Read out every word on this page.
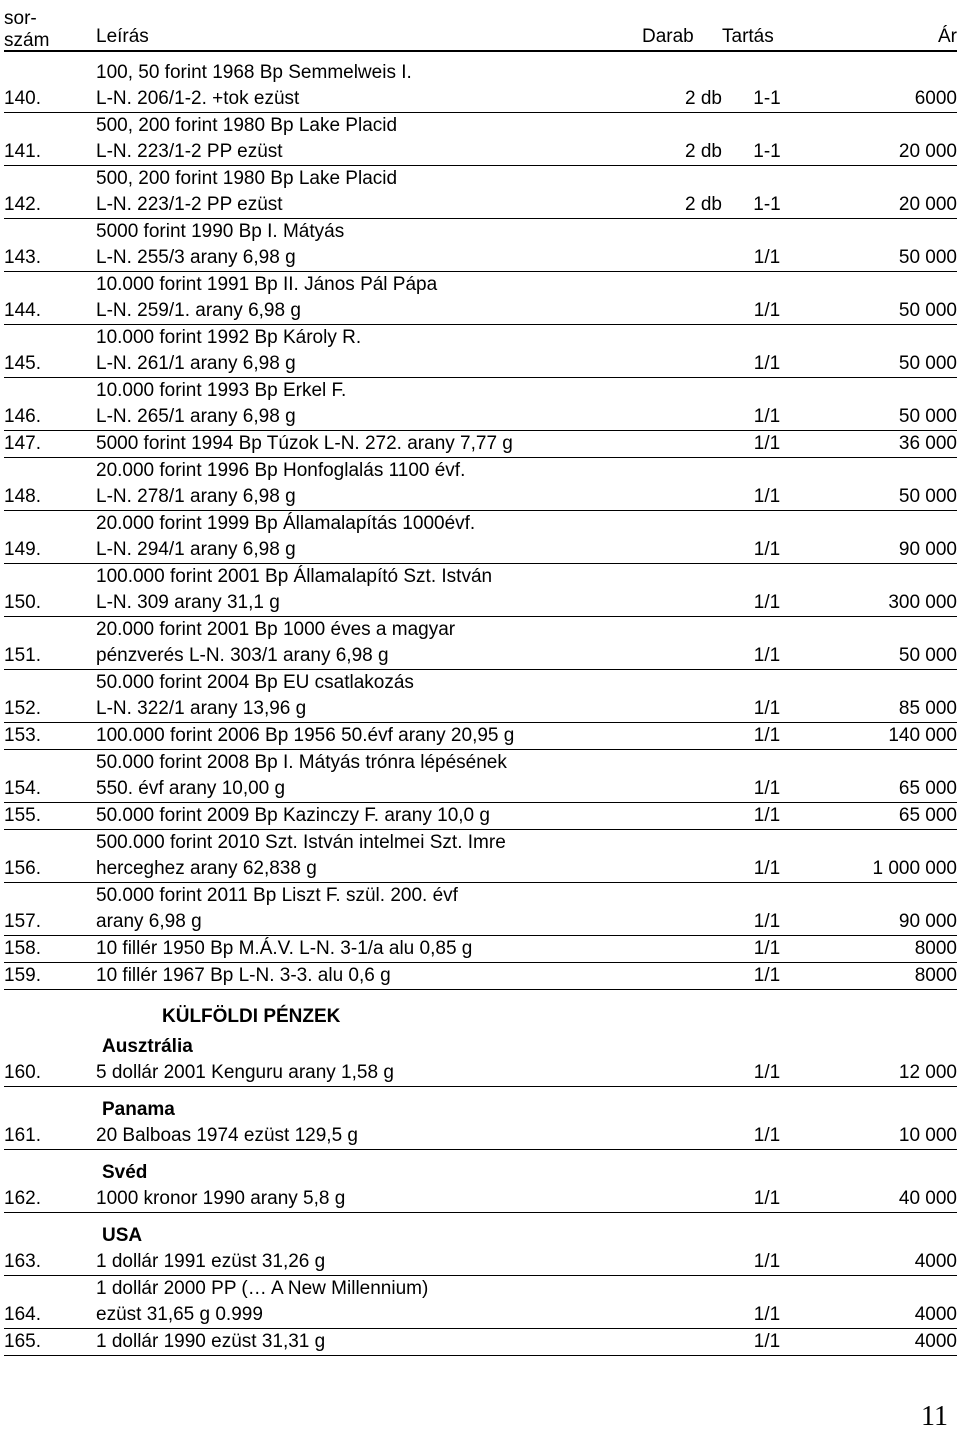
sor-
szám	Leírás	Darab	Tartás	Ár

140.	100, 50 forint 1968 Bp Semmelweis I.
L-N. 206/1-2. +tok ezüst	2 db	1-1	6000
141.	500, 200 forint 1980 Bp Lake Placid
L-N. 223/1-2 PP ezüst	2 db	1-1	20 000
142.	500, 200 forint 1980 Bp Lake Placid
L-N. 223/1-2 PP ezüst	2 db	1-1	20 000
143.	5000 forint 1990 Bp I. Mátyás
L-N. 255/3 arany 6,98 g		1/1	50 000
144.	10.000 forint 1991 Bp II. János Pál Pápa
L-N. 259/1. arany 6,98 g		1/1	50 000
145.	10.000 forint 1992 Bp Károly R.
L-N. 261/1 arany 6,98 g		1/1	50 000
146.	10.000 forint 1993 Bp Erkel F.
L-N. 265/1 arany 6,98 g		1/1	50 000
147.	5000 forint 1994 Bp Túzok L-N. 272. arany 7,77 g		1/1	36 000
148.	20.000 forint 1996 Bp Honfoglalás 1100 évf.
L-N. 278/1 arany 6,98 g		1/1	50 000
149.	20.000 forint 1999 Bp Államalapítás 1000évf.
L-N. 294/1 arany 6,98 g		1/1	90 000
150.	100.000 forint 2001 Bp Államalapító Szt. István
L-N. 309 arany 31,1 g		1/1	300 000
151.	20.000 forint 2001 Bp 1000 éves a magyar
pénzverés L-N. 303/1 arany 6,98 g		1/1	50 000
152.	50.000 forint 2004 Bp EU csatlakozás
L-N. 322/1 arany 13,96 g		1/1	85 000
153.	100.000 forint 2006 Bp 1956 50.évf arany 20,95 g		1/1	140 000
154.	50.000 forint 2008 Bp I. Mátyás trónra lépésének
550. évf arany 10,00 g		1/1	65 000
155.	50.000 forint 2009 Bp Kazinczy F. arany 10,0 g		1/1	65 000
156.	500.000 forint 2010 Szt. István intelmei Szt. Imre
herceghez arany 62,838 g		1/1	1 000 000
157.	50.000 forint 2011 Bp Liszt F. szül. 200. évf
arany 6,98 g		1/1	90 000
158.	10 fillér 1950 Bp M.Á.V. L-N. 3-1/a alu 0,85 g		1/1	8000
159.	10 fillér 1967 Bp L-N. 3-3. alu 0,6 g		1/1	8000
KÜLFÖLDI PÉNZEK				
	Ausztrália			
160.	5 dollár 2001 Kenguru arany 1,58 g		1/1	12 000
	Panama			
161.	20 Balboas 1974 ezüst 129,5 g		1/1	10 000
	Svéd			
162.	1000 kronor 1990 arany 5,8 g		1/1	40 000
	USA			
163.	1 dollár 1991 ezüst 31,26 g		1/1	4000
164.	1 dollár 2000 PP (… A New Millennium)
ezüst 31,65 g 0.999		1/1	4000
165.	1 dollár 1990 ezüst 31,31 g		1/1	4000
11
